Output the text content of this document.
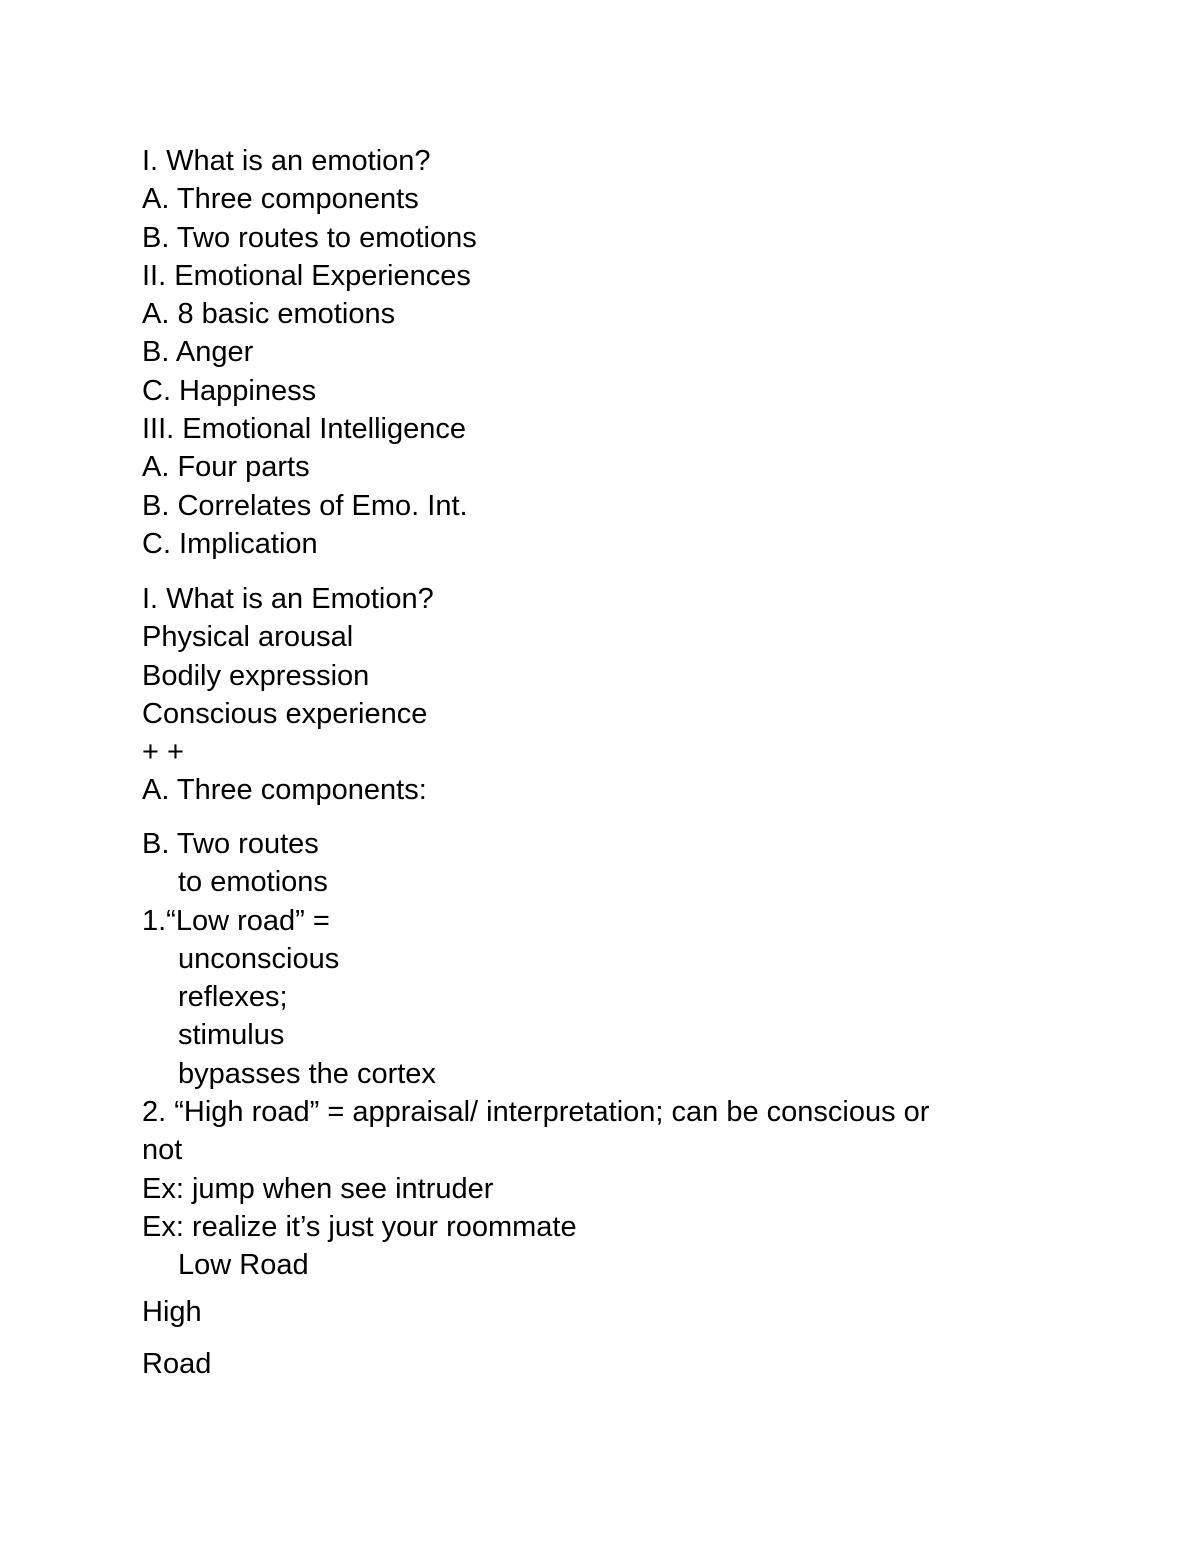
I. What is an emotion?
A. Three components
B. Two routes to emotions
II. Emotional Experiences
A. 8 basic emotions
B. Anger
C. Happiness
III. Emotional Intelligence
A. Four parts
B. Correlates of Emo. Int.
C. Implication
I. What is an Emotion?
Physical arousal
Bodily expression
Conscious experience
+ +
A. Three components:
B. Two routes
to emotions
1.“Low road” =
unconscious
reflexes;
stimulus
bypasses the cortex
2. “High road” = appraisal/ interpretation; can be conscious or
not
Ex: jump when see intruder
Ex: realize it’s just your roommate
Low Road
High
Road
